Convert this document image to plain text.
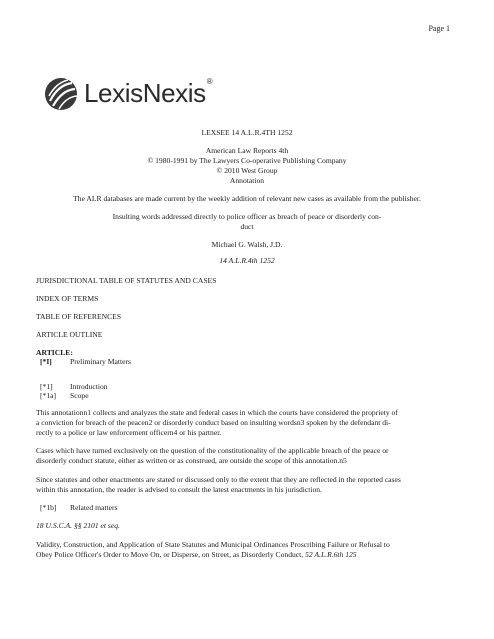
Page 1
LexisNexis®
LEXSEE 14 A.L.R.4TH 1252
American Law Reports 4th
© 1980-1991 by The Lawyers Co-operative Publishing Company
© 2010 West Group
Annotation
The ALR databases are made current by the weekly addition of relevant new cases as available from the publisher.
Insulting words addressed directly to police officer as breach of peace or disorderly con-
duct
Michael G. Walsh, J.D.
14 A.L.R.4th 1252
JURISDICTIONAL TABLE OF STATUTES AND CASES
INDEX OF TERMS
TABLE OF REFERENCES
ARTICLE OUTLINE
ARTICLE:
[*I] Preliminary Matters
[*1] Introduction
[*1a] Scope
This annotationn1 collects and analyzes the state and federal cases in which the courts have considered the propriety of
a conviction for breach of the peacen2 or disorderly conduct based on insulting wordsn3 spoken by the defendant di-
rectly to a police or law enforcement officern4 or his partner.
Cases which have turned exclusively on the question of the constitutionality of the applicable breach of the peace or
disorderly conduct statute, either as written or as construed, are outside the scope of this annotation.n5
Since statutes and other enactments are stated or discussed only to the extent that they are reflected in the reported cases
within this annotation, the reader is advised to consult the latest enactments in his jurisdiction.
[*1b] Related matters
18 U.S.C.A. §§ 2101 et seq.
Validity, Construction, and Application of State Statutes and Municipal Ordinances Proscribing Failure or Refusal to
Obey Police Officer's Order to Move On, or Disperse, on Street, as Disorderly Conduct, 52 A.L.R.6th 125
